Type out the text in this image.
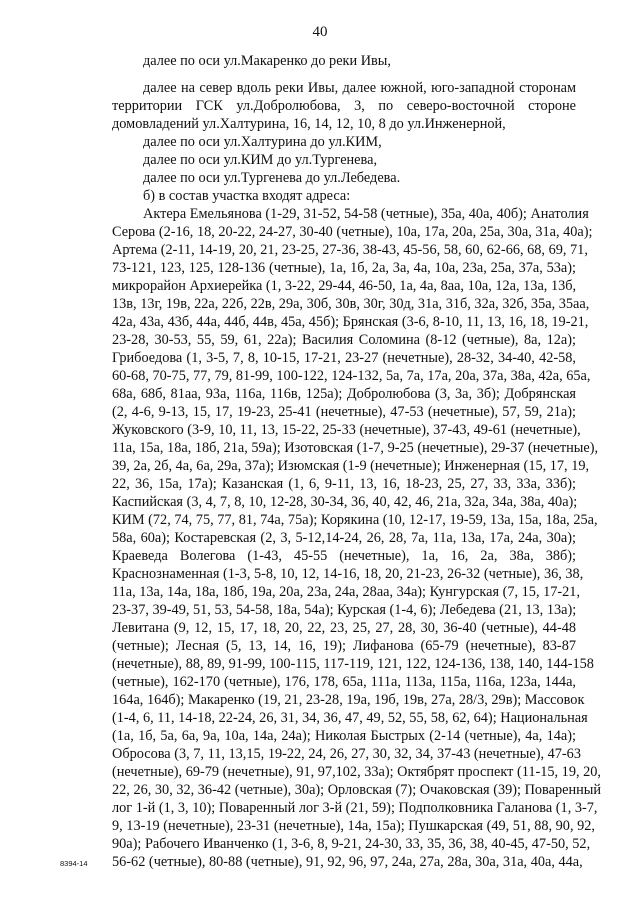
40
далее по оси ул.Макаренко до реки Ивы,
далее на север вдоль реки Ивы, далее южной, юго-западной сторонам
территории ГСК ул.Добролюбова, 3, по северо-восточной стороне
домовладений ул.Халтурина, 16, 14, 12, 10, 8 до ул.Инженерной,
далее по оси ул.Халтурина до ул.КИМ,
далее по оси ул.КИМ до ул.Тургенева,
далее по оси ул.Тургенева до ул.Лебедева.
б) в состав участка входят адреса:
Актера Емельянова (1-29, 31-52, 54-58 (четные), 35а, 40а, 40б); Анатолия
Серова (2-16, 18, 20-22, 24-27, 30-40 (четные), 10а, 17а, 20а, 25а, 30а, 31а, 40а);
Артема (2-11, 14-19, 20, 21, 23-25, 27-36, 38-43, 45-56, 58, 60, 62-66, 68, 69, 71,
73-121, 123, 125, 128-136 (четные), 1а, 1б, 2а, 3а, 4а, 10а, 23а, 25а, 37а, 53а);
микрорайон Архиерейка (1, 3-22, 29-44, 46-50, 1а, 4а, 8аа, 10а, 12а, 13а, 13б,
13в, 13г, 19в, 22а, 22б, 22в, 29а, 30б, 30в, 30г, 30д, 31а, 31б, 32а, 32б, 35а, 35аа,
42а, 43а, 43б, 44а, 44б, 44в, 45а, 45б); Брянская (3-6, 8-10, 11, 13, 16, 18, 19-21,
23-28, 30-53, 55, 59, 61, 22а); Василия Соломина (8-12 (четные), 8а, 12а);
Грибоедова (1, 3-5, 7, 8, 10-15, 17-21, 23-27 (нечетные), 28-32, 34-40, 42-58,
60-68, 70-75, 77, 79, 81-99, 100-122, 124-132, 5а, 7а, 17а, 20а, 37а, 38а, 42а, 65а,
68а, 68б, 81аа, 93а, 116а, 116в, 125а); Добролюбова (3, 3а, 3б); Добрянская
(2, 4-6, 9-13, 15, 17, 19-23, 25-41 (нечетные), 47-53 (нечетные), 57, 59, 21а);
Жуковского (3-9, 10, 11, 13, 15-22, 25-33 (нечетные), 37-43, 49-61 (нечетные),
11а, 15а, 18а, 18б, 21а, 59а); Изотовская (1-7, 9-25 (нечетные), 29-37 (нечетные),
39, 2а, 2б, 4а, 6а, 29а, 37а); Изюмская (1-9 (нечетные); Инженерная (15, 17, 19,
22, 36, 15а, 17а); Казанская (1, 6, 9-11, 13, 16, 18-23, 25, 27, 33, 33а, 33б);
Каспийская (3, 4, 7, 8, 10, 12-28, 30-34, 36, 40, 42, 46, 21а, 32а, 34а, 38а, 40а);
КИМ (72, 74, 75, 77, 81, 74а, 75а); Корякина (10, 12-17, 19-59, 13а, 15а, 18а, 25а,
58а, 60а); Костаревская (2, 3, 5-12,14-24, 26, 28, 7а, 11а, 13а, 17а, 24а, 30а);
Краеведа Волегова (1-43, 45-55 (нечетные), 1а, 16, 2а, 38а, 38б);
Краснознаменная (1-3, 5-8, 10, 12, 14-16, 18, 20, 21-23, 26-32 (четные), 36, 38,
11а, 13а, 14а, 18а, 18б, 19а, 20а, 23а, 24а, 28аа, 34а); Кунгурская (7, 15, 17-21,
23-37, 39-49, 51, 53, 54-58, 18а, 54а); Курская (1-4, 6); Лебедева (21, 13, 13а);
Левитана (9, 12, 15, 17, 18, 20, 22, 23, 25, 27, 28, 30, 36-40 (четные), 44-48
(четные); Лесная (5, 13, 14, 16, 19); Лифанова (65-79 (нечетные), 83-87
(нечетные), 88, 89, 91-99, 100-115, 117-119, 121, 122, 124-136, 138, 140, 144-158
(четные), 162-170 (четные), 176, 178, 65а, 111а, 113а, 115а, 116а, 123а, 144а,
164а, 164б); Макаренко (19, 21, 23-28, 19а, 19б, 19в, 27а, 28/3, 29в); Массовок
(1-4, 6, 11, 14-18, 22-24, 26, 31, 34, 36, 47, 49, 52, 55, 58, 62, 64); Национальная
(1а, 1б, 5а, 6а, 9а, 10а, 14а, 24а); Николая Быстрых (2-14 (четные), 4а, 14а);
Обросова (3, 7, 11, 13,15, 19-22, 24, 26, 27, 30, 32, 34, 37-43 (нечетные), 47-63
(нечетные), 69-79 (нечетные), 91, 97,102, 33а); Октябрят проспект (11-15, 19, 20,
22, 26, 30, 32, 36-42 (четные), 30а); Орловская (7); Очаковская (39); Поваренный
лог 1-й (1, 3, 10); Поваренный лог 3-й (21, 59); Подполковника Галанова (1, 3-7,
9, 13-19 (нечетные), 23-31 (нечетные), 14а, 15а); Пушкарская (49, 51, 88, 90, 92,
90а); Рабочего Иванченко (1, 3-6, 8, 9-21, 24-30, 33, 35, 36, 38, 40-45, 47-50, 52,
56-62 (четные), 80-88 (четные), 91, 92, 96, 97, 24а, 27а, 28а, 30а, 31а, 40а, 44а,
8394-14
